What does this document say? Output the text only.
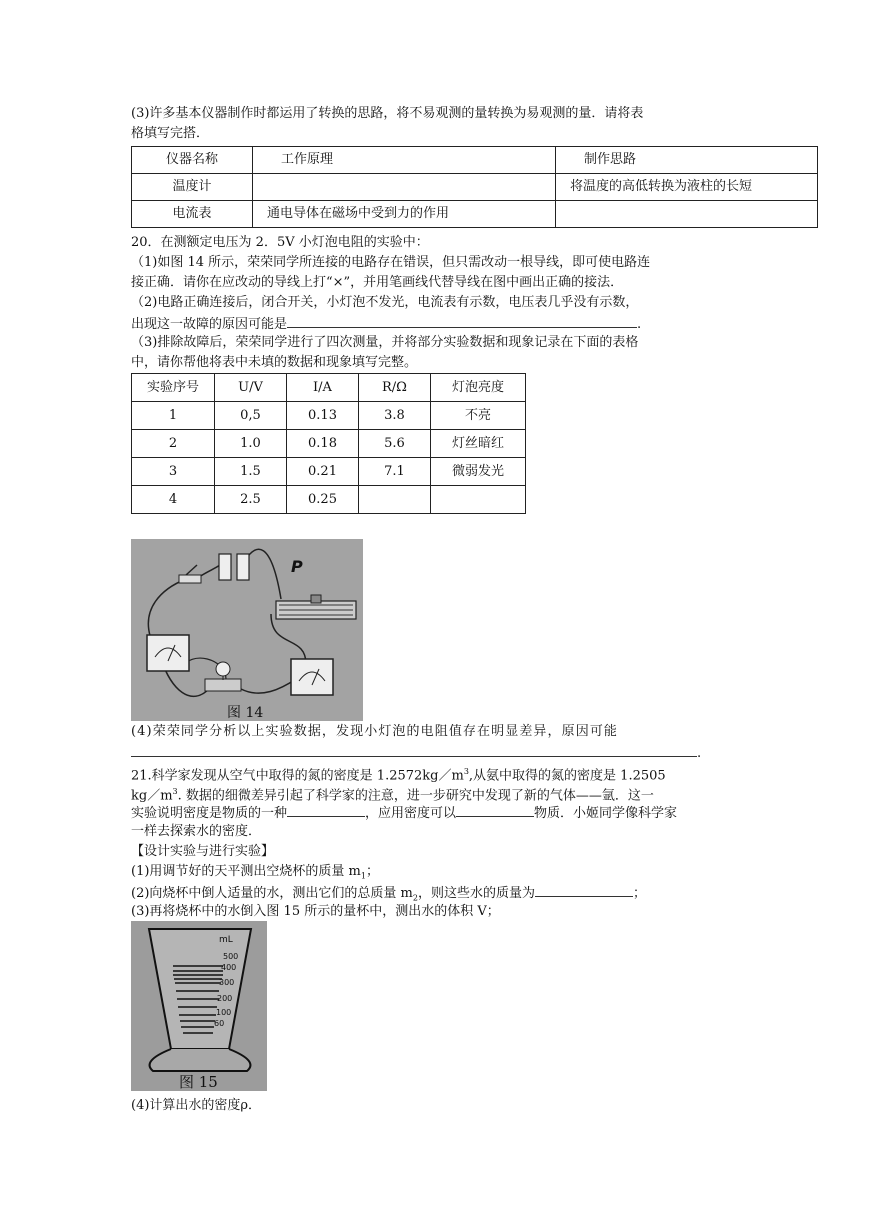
(3)许多基本仪器制作时都运用了转换的思路，将不易观测的量转换为易观测的量．请将表
格填写完搭．
仪器名称	工作原理	制作思路
温度计		将温度的高低转换为液柱的长短
电流表	通电导体在磁场中受到力的作用	
20．在测额定电压为 2．5V 小灯泡电阻的实验中：
（1)如图 14 所示，荣荣同学所连接的电路存在错误，但只需改动一根导线，即可使电路连
接正确．请你在应改动的导线上打“×”，并用笔画线代替导线在图中画出正确的接法．
（2)电路正确连接后，闭合开关，小灯泡不发光，电流表有示数，电压表几乎没有示数，
出现这一故障的原因可能是	.
（3)排除故障后，荣荣同学进行了四次测量，并将部分实验数据和现象记录在下面的表格
中，请你帮他将表中未填的数据和现象填写完整。
实验序号	U/V	I/A	R/Ω	灯泡亮度
1	0,5	0.13	3.8	不亮
2	1.0	0.18	5.6	灯丝暗红
3	1.5	0.21	7.1	微弱发光
4	2.5	0.25		
P
图 14
(4)荣荣同学分析以上实验数据，发现小灯泡的电阻值存在明显差异，原因可能
.
21.科学家发现从空气中取得的氮的密度是 $1.2572kg/m^3$,从氨中取得的氮的密度是 1.2505
$kg/m^3$. 数据的细微差异引起了科学家的注意，进一步研究中发现了新的气体——氩．这一
实验说明密度是物质的一种	，应用密度可以	物质．小姬同学像科学家
一样去探索水的密度．
【设计实验与进行实验】
(1)用调节好的天平测出空烧杯的质量 $m_1$；
(2)向烧杯中倒人适量的水，测出它们的总质量 $m_2$，则这些水的质量为	；
(3)再将烧杯中的水倒入图 15 所示的量杯中，测出水的体积 V；
mL
500
400
300
200
100
60
图 15
(4)计算出水的密度ρ．
